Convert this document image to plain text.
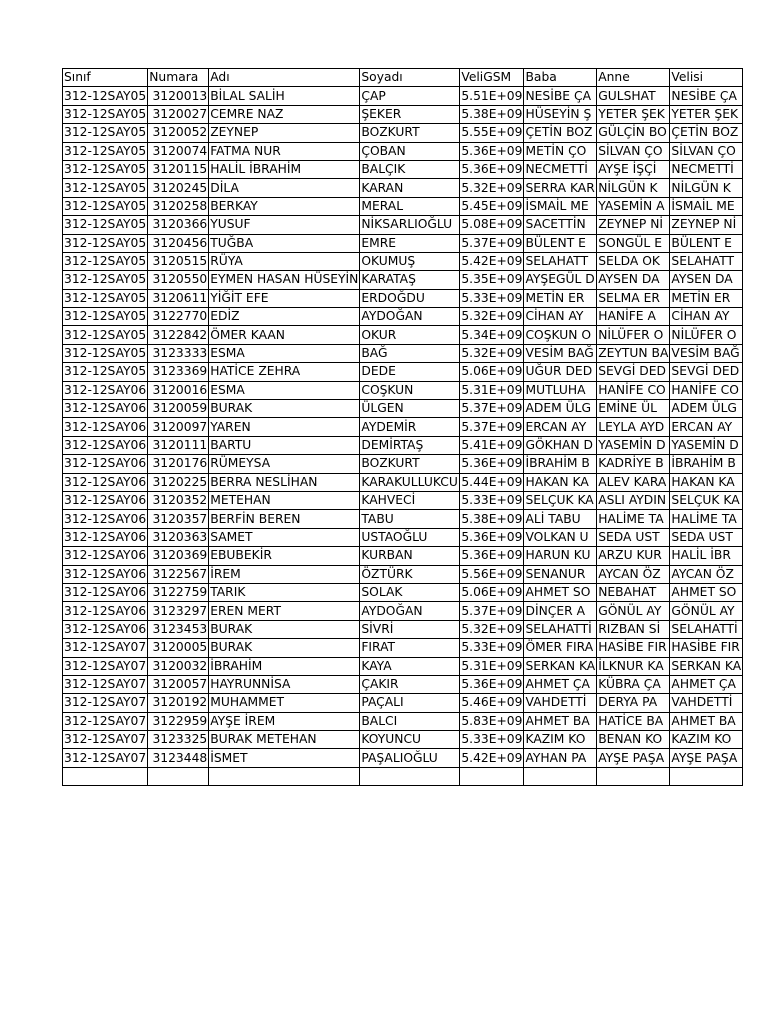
Sınıf	Numara	Adı	Soyadı	VeliGSM	Baba	Anne	Velisi
312-12SAY05	3120013	BİLAL SALİH	ÇAP	5.51E+09	NESİBE ÇA	GULSHAT	NESİBE ÇA
312-12SAY05	3120027	CEMRE NAZ	ŞEKER	5.38E+09	HÜSEYİN Ş	YETER ŞEK	YETER ŞEK
312-12SAY05	3120052	ZEYNEP	BOZKURT	5.55E+09	ÇETİN BOZ	GÜLÇİN BO	ÇETİN BOZ
312-12SAY05	3120074	FATMA NUR	ÇOBAN	5.36E+09	METİN ÇO	SİLVAN ÇO	SİLVAN ÇO
312-12SAY05	3120115	HALİL İBRAHİM	BALÇIK	5.36E+09	NECMETTİ	AYŞE İŞÇİ	NECMETTİ
312-12SAY05	3120245	DİLA	KARAN	5.32E+09	SERRA KAR	NİLGÜN K	NİLGÜN K
312-12SAY05	3120258	BERKAY	MERAL	5.45E+09	İSMAİL ME	YASEMİN A	İSMAİL ME
312-12SAY05	3120366	YUSUF	NİKSARLIOĞLU	5.08E+09	SACETTİN	ZEYNEP Nİ	ZEYNEP Nİ
312-12SAY05	3120456	TUĞBA	EMRE	5.37E+09	BÜLENT E	SONGÜL E	BÜLENT E
312-12SAY05	3120515	RÜYA	OKUMUŞ	5.42E+09	SELAHATT	SELDA OK	SELAHATT
312-12SAY05	3120550	EYMEN HASAN HÜSEYİN	KARATAŞ	5.35E+09	AYŞEGÜL D	AYSEN DA	AYSEN DA
312-12SAY05	3120611	YİĞİT EFE	ERDOĞDU	5.33E+09	METİN ER	SELMA ER	METİN ER
312-12SAY05	3122770	EDİZ	AYDOĞAN	5.32E+09	CİHAN AY	HANİFE A	CİHAN AY
312-12SAY05	3122842	ÖMER KAAN	OKUR	5.34E+09	COŞKUN O	NİLÜFER O	NİLÜFER O
312-12SAY05	3123333	ESMA	BAĞ	5.32E+09	VESİM BAĞ	ZEYTUN BA	VESİM BAĞ
312-12SAY05	3123369	HATİCE ZEHRA	DEDE	5.06E+09	UĞUR DED	SEVGİ DED	SEVGİ DED
312-12SAY06	3120016	ESMA	COŞKUN	5.31E+09	MUTLUHA	HANİFE CO	HANİFE CO
312-12SAY06	3120059	BURAK	ÜLGEN	5.37E+09	ADEM ÜLG	EMİNE ÜL	ADEM ÜLG
312-12SAY06	3120097	YAREN	AYDEMİR	5.37E+09	ERCAN AY	LEYLA AYD	ERCAN AY
312-12SAY06	3120111	BARTU	DEMİRTAŞ	5.41E+09	GÖKHAN D	YASEMİN D	YASEMİN D
312-12SAY06	3120176	RÜMEYSA	BOZKURT	5.36E+09	İBRAHİM B	KADRİYE B	İBRAHİM B
312-12SAY06	3120225	BERRA NESLİHAN	KARAKULLUKCU	5.44E+09	HAKAN KA	ALEV KARA	HAKAN KA
312-12SAY06	3120352	METEHAN	KAHVECİ	5.33E+09	SELÇUK KA	ASLI AYDIN	SELÇUK KA
312-12SAY06	3120357	BERFİN BEREN	TABU	5.38E+09	ALİ TABU	HALİME TA	HALİME TA
312-12SAY06	3120363	SAMET	USTAOĞLU	5.36E+09	VOLKAN U	SEDA UST	SEDA UST
312-12SAY06	3120369	EBUBEKİR	KURBAN	5.36E+09	HARUN KU	ARZU KUR	HALİL İBR
312-12SAY06	3122567	İREM	ÖZTÜRK	5.56E+09	SENANUR	AYCAN ÖZ	AYCAN ÖZ
312-12SAY06	3122759	TARIK	SOLAK	5.06E+09	AHMET SO	NEBAHAT	AHMET SO
312-12SAY06	3123297	EREN MERT	AYDOĞAN	5.37E+09	DİNÇER A	GÖNÜL AY	GÖNÜL AY
312-12SAY06	3123453	BURAK	SİVRİ	5.32E+09	SELAHATTİ	RIZBAN Sİ	SELAHATTİ
312-12SAY07	3120005	BURAK	FIRAT	5.33E+09	ÖMER FIRA	HASİBE FIR	HASİBE FIR
312-12SAY07	3120032	İBRAHİM	KAYA	5.31E+09	SERKAN KA	İLKNUR KA	SERKAN KA
312-12SAY07	3120057	HAYRUNNİSA	ÇAKIR	5.36E+09	AHMET ÇA	KÜBRA ÇA	AHMET ÇA
312-12SAY07	3120192	MUHAMMET	PAÇALI	5.46E+09	VAHDETTİ	DERYA PA	VAHDETTİ
312-12SAY07	3122959	AYŞE İREM	BALCI	5.83E+09	AHMET BA	HATİCE BA	AHMET BA
312-12SAY07	3123325	BURAK METEHAN	KOYUNCU	5.33E+09	KAZIM KO	BENAN KO	KAZIM KO
312-12SAY07	3123448	İSMET	PAŞALIOĞLU	5.42E+09	AYHAN PA	AYŞE PAŞA	AYŞE PAŞA
